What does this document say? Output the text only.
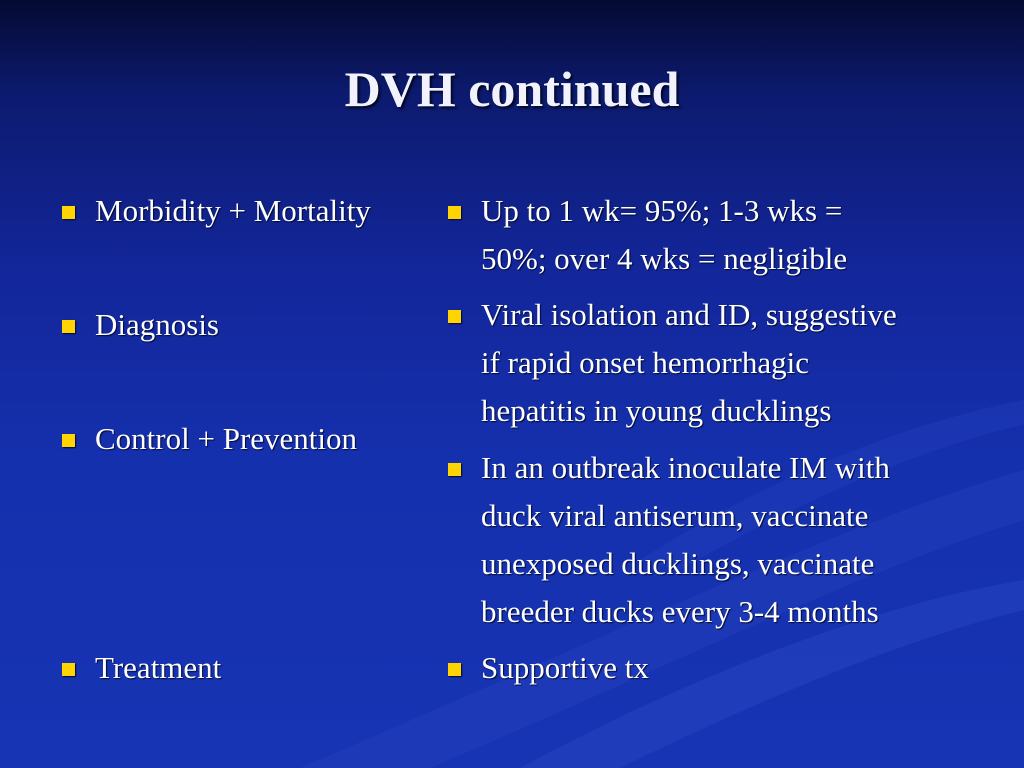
DVH continued
Morbidity + Mortality
Diagnosis
Control + Prevention
Treatment
Up to 1 wk= 95%; 1-3 wks =
50%; over 4 wks = negligible
Viral isolation and ID, suggestive
if rapid onset hemorrhagic
hepatitis in young ducklings
In an outbreak inoculate IM with
duck viral antiserum, vaccinate
unexposed ducklings, vaccinate
breeder ducks every 3-4 months
Supportive tx
